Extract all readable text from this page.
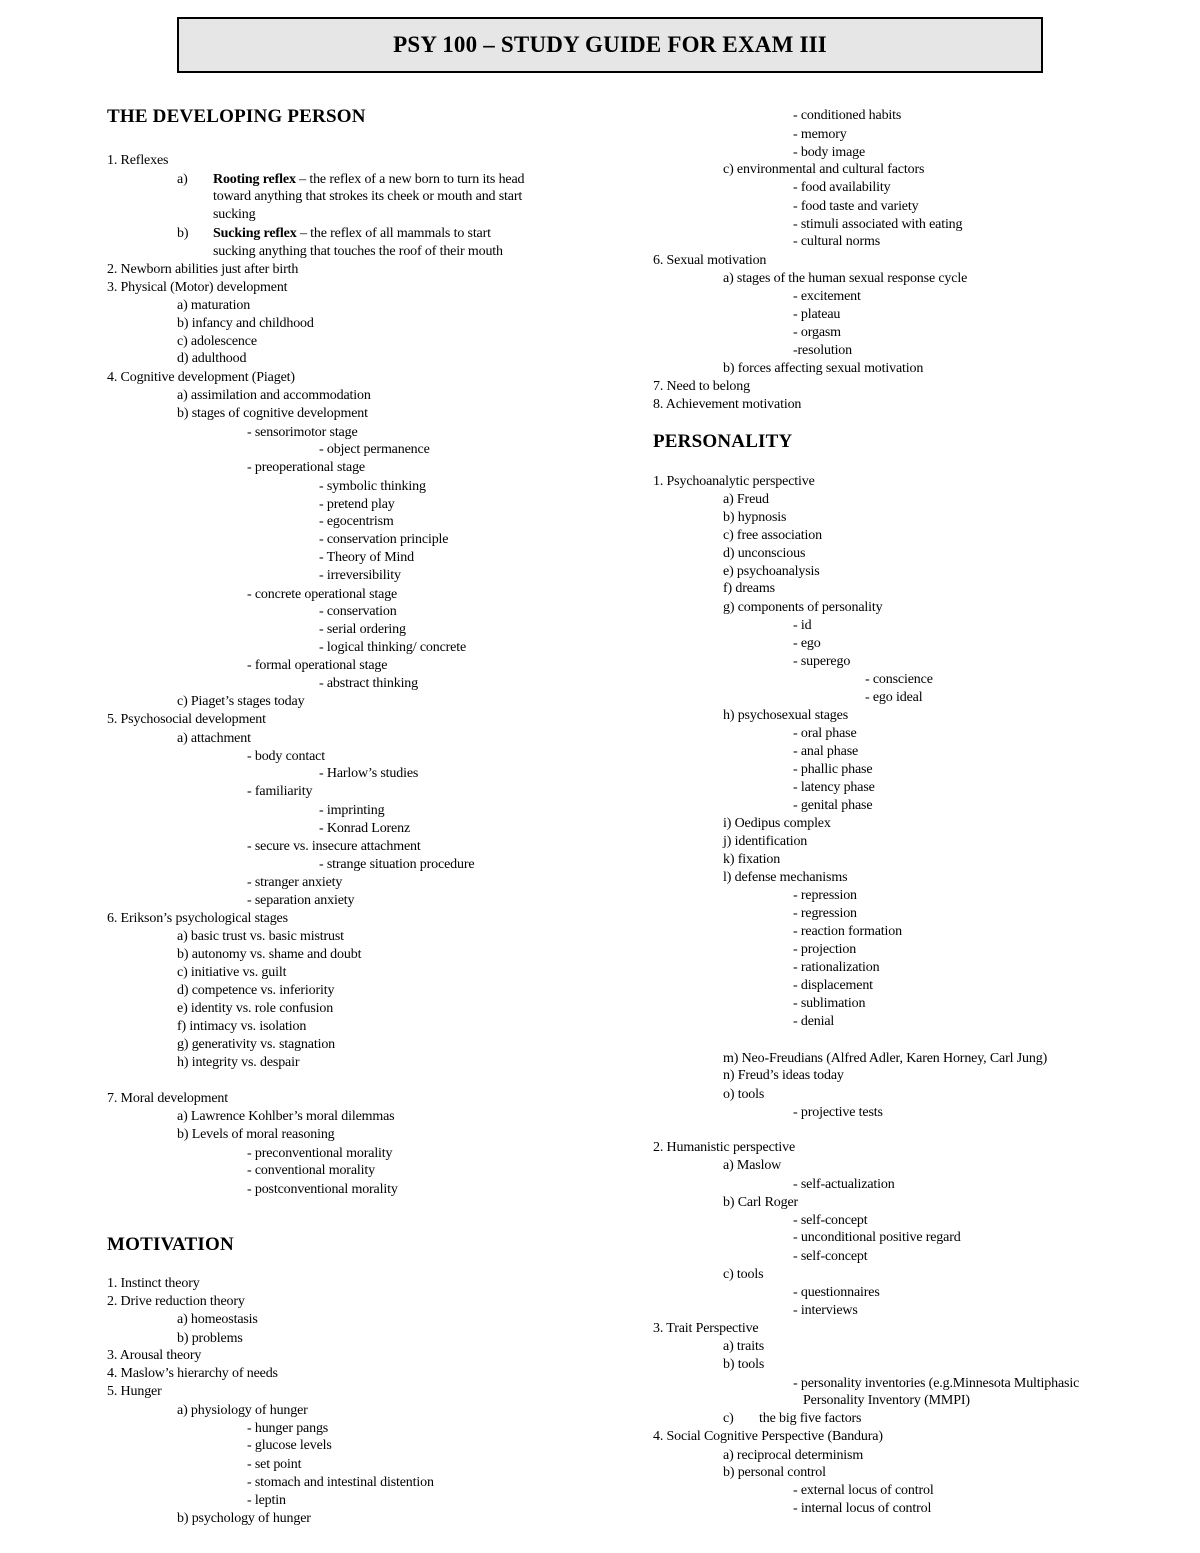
PSY 100 – STUDY GUIDE FOR EXAM III
THE DEVELOPING PERSON
1. Reflexes
a) Rooting reflex – the reflex of a new born to turn its head
toward anything that strokes its cheek or mouth and start
sucking
b) Sucking reflex – the reflex of all mammals to start
sucking anything that touches the roof of their mouth
2. Newborn abilities just after birth
3. Physical (Motor) development
a) maturation
b) infancy and childhood
c) adolescence
d) adulthood
4. Cognitive development (Piaget)
a) assimilation and accommodation
b) stages of cognitive development
- sensorimotor stage
- object permanence
- preoperational stage
- symbolic thinking
- pretend play
- egocentrism
- conservation principle
- Theory of Mind
- irreversibility
- concrete operational stage
- conservation
- serial ordering
- logical thinking/ concrete
- formal operational stage
- abstract thinking
c) Piaget’s stages today
5. Psychosocial development
a) attachment
- body contact
- Harlow’s studies
- familiarity
- imprinting
- Konrad Lorenz
- secure vs. insecure attachment
- strange situation procedure
- stranger anxiety
- separation anxiety
6. Erikson’s psychological stages
a) basic trust vs. basic mistrust
b) autonomy vs. shame and doubt
c) initiative vs. guilt
d) competence vs. inferiority
e) identity vs. role confusion
f) intimacy vs. isolation
g) generativity vs. stagnation
h) integrity vs. despair
7. Moral development
a) Lawrence Kohlber’s moral dilemmas
b) Levels of moral reasoning
- preconventional morality
- conventional morality
- postconventional morality
MOTIVATION
1. Instinct theory
2. Drive reduction theory
a) homeostasis
b) problems
3. Arousal theory
4. Maslow’s hierarchy of needs
5. Hunger
a) physiology of hunger
- hunger pangs
- glucose levels
- set point
- stomach and intestinal distention
- leptin
b) psychology of hunger
- conditioned habits
- memory
- body image
c) environmental and cultural factors
- food availability
- food taste and variety
- stimuli associated with eating
- cultural norms
6. Sexual motivation
a) stages of the human sexual response cycle
- excitement
- plateau
- orgasm
-resolution
b) forces affecting sexual motivation
7. Need to belong
8. Achievement motivation
PERSONALITY
1. Psychoanalytic perspective
a) Freud
b) hypnosis
c) free association
d) unconscious
e) psychoanalysis
f) dreams
g) components of personality
- id
- ego
- superego
- conscience
- ego ideal
h) psychosexual stages
- oral phase
- anal phase
- phallic phase
- latency phase
- genital phase
i) Oedipus complex
j) identification
k) fixation
l) defense mechanisms
- repression
- regression
- reaction formation
- projection
- rationalization
- displacement
- sublimation
- denial
m) Neo-Freudians (Alfred Adler, Karen Horney, Carl Jung)
n) Freud’s ideas today
o) tools
- projective tests
2. Humanistic perspective
a) Maslow
- self-actualization
b) Carl Roger
- self-concept
- unconditional positive regard
- self-concept
c) tools
- questionnaires
- interviews
3. Trait Perspective
a) traits
b) tools
- personality inventories (e.g.Minnesota Multiphasic
Personality Inventory (MMPI)
c) the big five factors
4. Social Cognitive Perspective (Bandura)
a) reciprocal determinism
b) personal control
- external locus of control
- internal locus of control
